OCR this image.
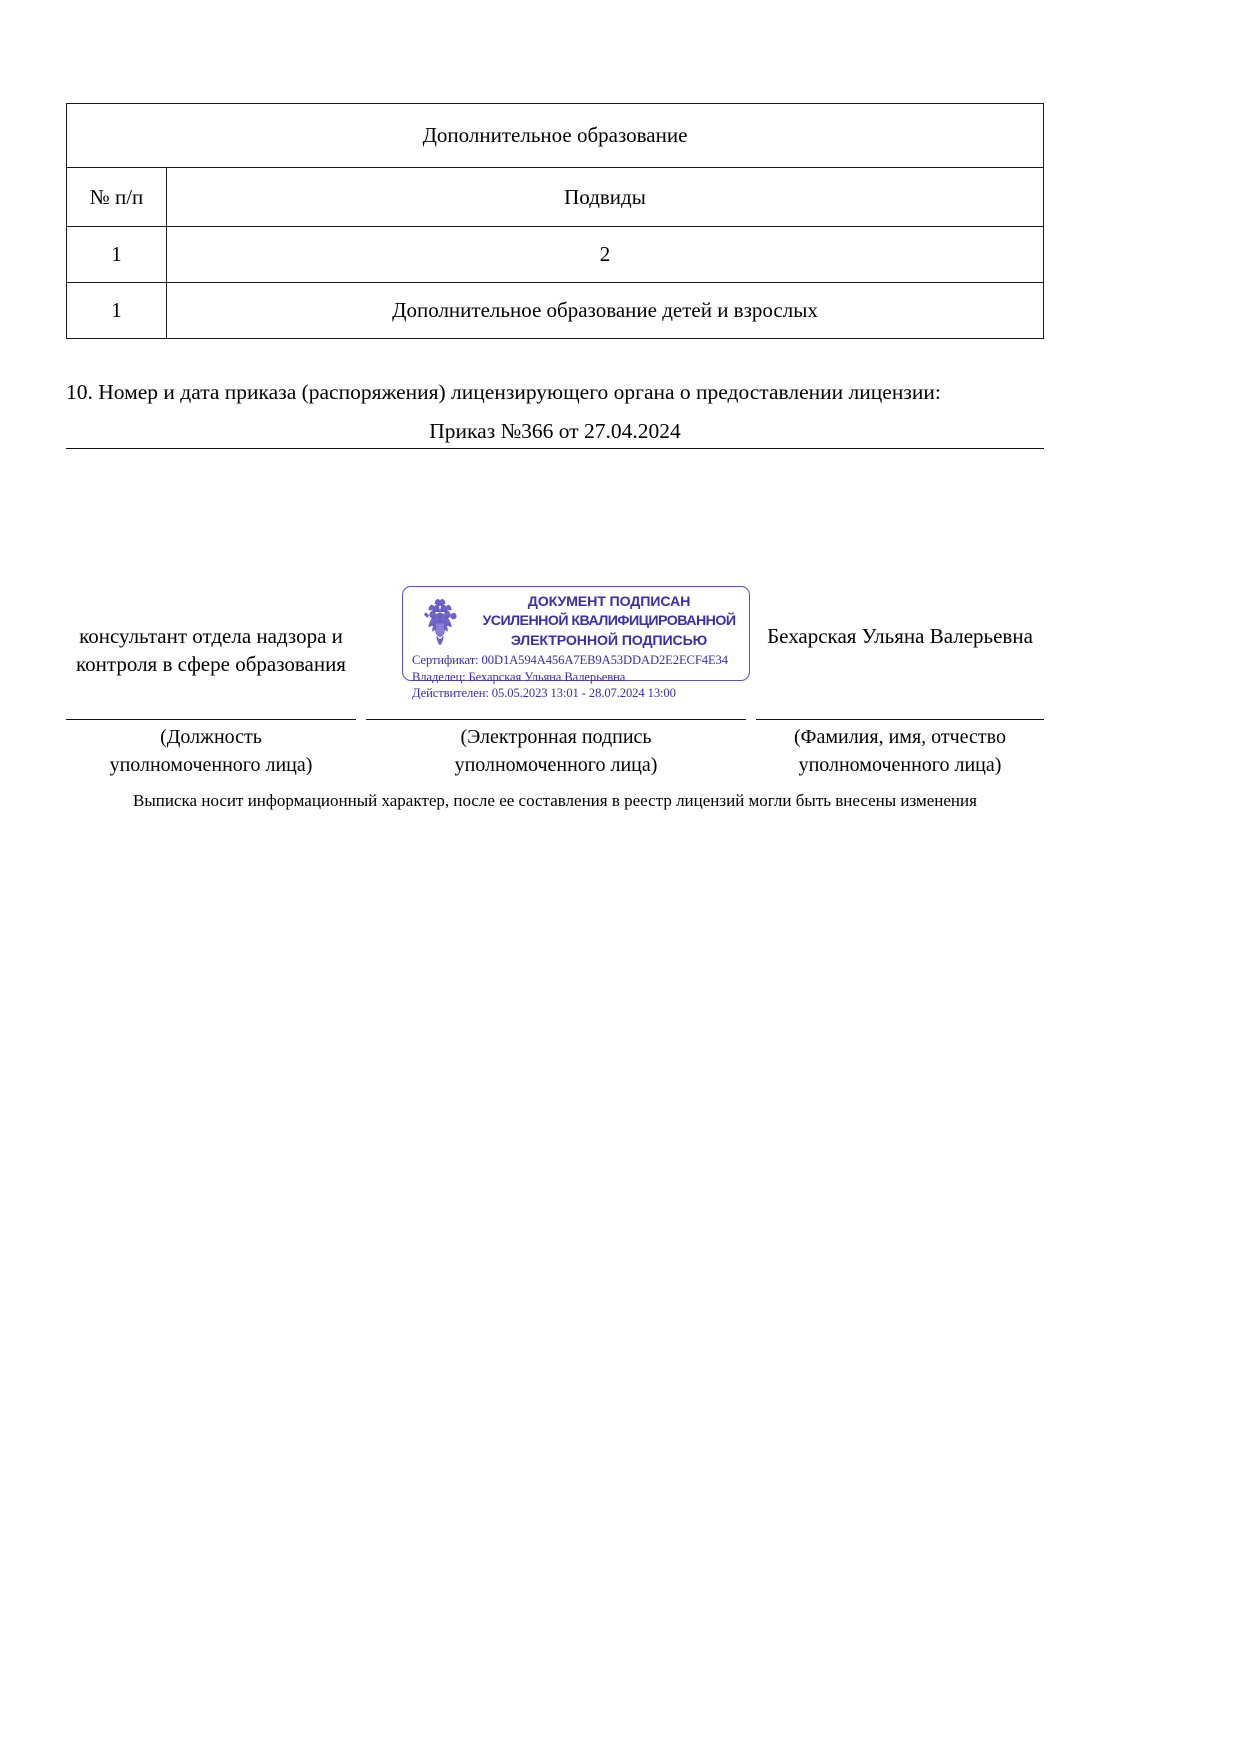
Дополнительное образование	
№ п/п	Подвиды
1	2
1	Дополнительное образование детей и взрослых
10. Номер и дата приказа (распоряжения) лицензирующего органа о предоставлении лицензии:
Приказ №366 от 27.04.2024
ДОКУМЕНТ ПОДПИСАН
УСИЛЕННОЙ КВАЛИФИЦИРОВАННОЙ
ЭЛЕКТРОННОЙ ПОДПИСЬЮ
Сертификат: 00D1A594A456A7EB9A53DDAD2E2ECF4E34
Владелец: Бехарская Ульяна Валерьевна
Действителен: 05.05.2023 13:01 - 28.07.2024 13:00
консультант отдела надзора и контроля в сфере образования
Бехарская Ульяна Валерьевна
(Должность
уполномоченного лица)
(Электронная подпись
уполномоченного лица)
(Фамилия, имя, отчество
уполномоченного лица)
Выписка носит информационный характер, после ее составления в реестр лицензий могли быть внесены изменения
